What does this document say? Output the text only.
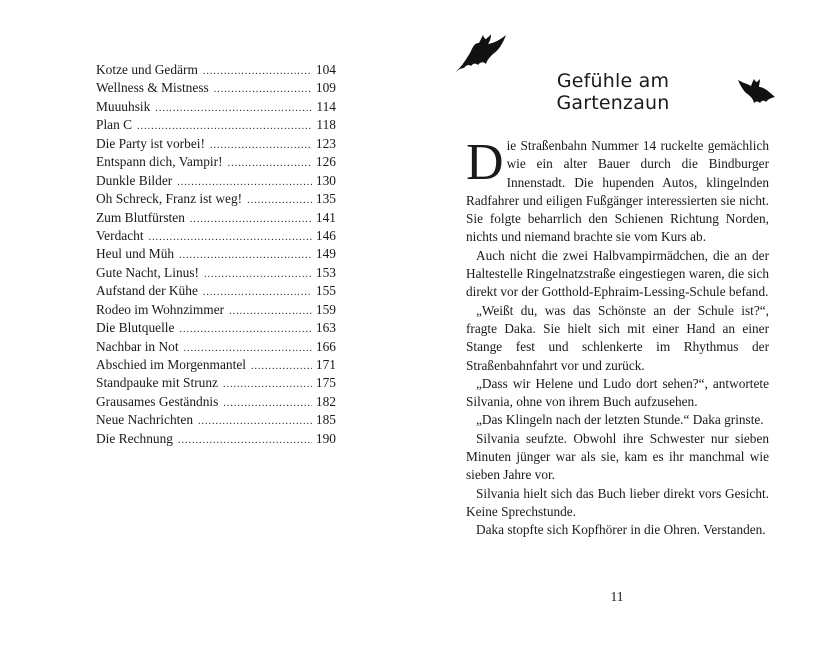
Kotze und Gedärm .....	104
Wellness & Mistness .....	109
Muuuhsik .....	114
Plan C .....	118
Die Party ist vorbei! .....	123
Entspann dich, Vampir! .....	126
Dunkle Bilder .....	130
Oh Schreck, Franz ist weg! .....	135
Zum Blutfürsten .....	141
Verdacht .....	146
Heul und Müh .....	149
Gute Nacht, Linus! .....	153
Aufstand der Kühe .....	155
Rodeo im Wohnzimmer .....	159
Die Blutquelle .....	163
Nachbar in Not .....	166
Abschied im Morgenmantel .....	171
Standpauke mit Strunz .....	175
Grausames Geständnis .....	182
Neue Nachrichten .....	185
Die Rechnung .....	190
Gefühle am Gartenzaun

Die Straßenbahn Nummer 14 ruckelte gemächlich wie ein alter Bauer durch die Bindburger Innenstadt. Die hupenden Autos, klingelnden Radfahrer und eiligen Fußgänger interessierten sie nicht. Sie folgte beharrlich den Schienen Richtung Norden, nichts und niemand brachte sie vom Kurs ab.

Auch nicht die zwei Halbvampirmädchen, die an der Haltestelle Ringelnatzstraße eingestiegen waren, die sich direkt vor der Gotthold-Ephraim-Lessing-Schule befand.

„Weißt du, was das Schönste an der Schule ist?“, fragte Daka. Sie hielt sich mit einer Hand an einer Stange fest und schlenkerte im Rhythmus der Straßenbahnfahrt vor und zurück.

„Dass wir Helene und Ludo dort sehen?“, antwortete Silvania, ohne von ihrem Buch aufzusehen.

„Das Klingeln nach der letzten Stunde.“ Daka grinste.

Silvania seufzte. Obwohl ihre Schwester nur sieben Minuten jünger war als sie, kam es ihr manchmal wie sieben Jahre vor.

Silvania hielt sich das Buch lieber direkt vors Gesicht. Keine Sprechstunde.

Daka stopfte sich Kopfhörer in die Ohren. Verstanden.

11
